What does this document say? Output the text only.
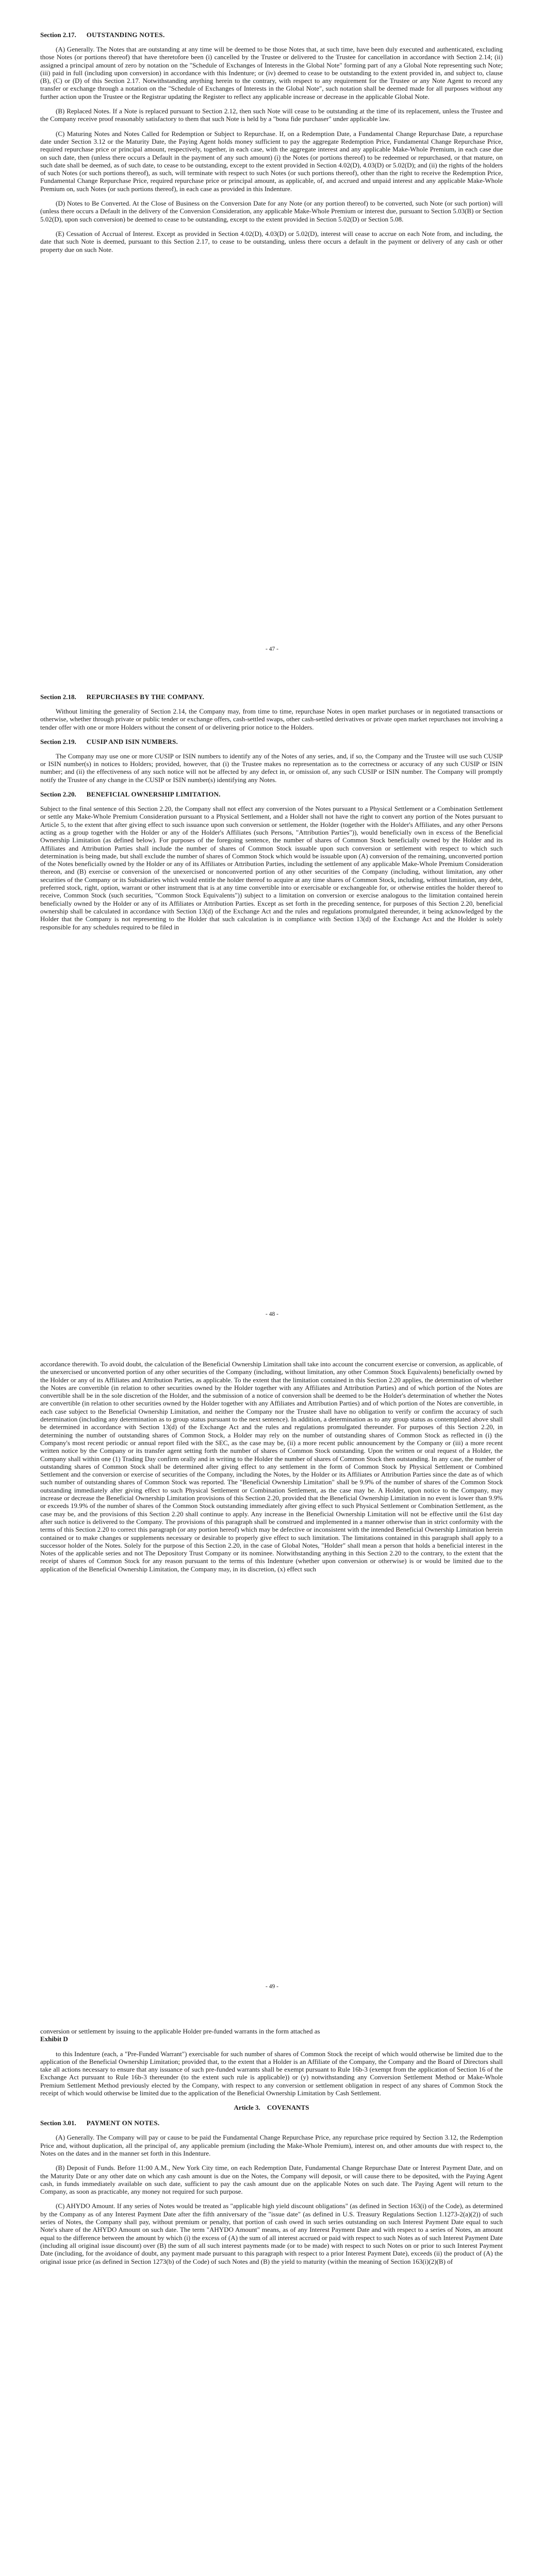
Section 2.17. OUTSTANDING NOTES.

(A) Generally. The Notes that are outstanding at any time will be deemed to be those Notes that, at such time, have been duly executed and authenticated, excluding those Notes (or portions thereof) that have theretofore been (i) cancelled by the Trustee or delivered to the Trustee for cancellation in accordance with Section 2.14; (ii) assigned a principal amount of zero by notation on the "Schedule of Exchanges of Interests in the Global Note" forming part of any a Global Note representing such Note; (iii) paid in full (including upon conversion) in accordance with this Indenture; or (iv) deemed to cease to be outstanding to the extent provided in, and subject to, clause (B), (C) or (D) of this Section 2.17. Notwithstanding anything herein to the contrary, with respect to any requirement for the Trustee or any Note Agent to record any transfer or exchange through a notation on the "Schedule of Exchanges of Interests in the Global Note", such notation shall be deemed made for all purposes without any further action upon the Trustee or the Registrar updating the Register to reflect any applicable increase or decrease in the applicable Global Note.

(B) Replaced Notes. If a Note is replaced pursuant to Section 2.12, then such Note will cease to be outstanding at the time of its replacement, unless the Trustee and the Company receive proof reasonably satisfactory to them that such Note is held by a "bona fide purchaser" under applicable law.

(C) Maturing Notes and Notes Called for Redemption or Subject to Repurchase. If, on a Redemption Date, a Fundamental Change Repurchase Date, a repurchase date under Section 3.12 or the Maturity Date, the Paying Agent holds money sufficient to pay the aggregate Redemption Price, Fundamental Change Repurchase Price, required repurchase price or principal amount, respectively, together, in each case, with the aggregate interest and any applicable Make-Whole Premium, in each case due on such date, then (unless there occurs a Default in the payment of any such amount) (i) the Notes (or portions thereof) to be redeemed or repurchased, or that mature, on such date shall be deemed, as of such date, to cease to be outstanding, except to the extent provided in Section 4.02(D), 4.03(D) or 5.02(D); and (ii) the rights of the holders of such Notes (or such portions thereof), as such, will terminate with respect to such Notes (or such portions thereof), other than the right to receive the Redemption Price, Fundamental Change Repurchase Price, required repurchase price or principal amount, as applicable, of, and accrued and unpaid interest and any applicable Make-Whole Premium on, such Notes (or such portions thereof), in each case as provided in this Indenture.

(D) Notes to Be Converted. At the Close of Business on the Conversion Date for any Note (or any portion thereof) to be converted, such Note (or such portion) will (unless there occurs a Default in the delivery of the Conversion Consideration, any applicable Make-Whole Premium or interest due, pursuant to Section 5.03(B) or Section 5.02(D), upon such conversion) be deemed to cease to be outstanding, except to the extent provided in Section 5.02(D) or Section 5.08.

(E) Cessation of Accrual of Interest. Except as provided in Section 4.02(D), 4.03(D) or 5.02(D), interest will cease to accrue on each Note from, and including, the date that such Note is deemed, pursuant to this Section 2.17, to cease to be outstanding, unless there occurs a default in the payment or delivery of any cash or other property due on such Note.

- 47 -
Section 2.18. REPURCHASES BY THE COMPANY.

Without limiting the generality of Section 2.14, the Company may, from time to time, repurchase Notes in open market purchases or in negotiated transactions or otherwise, whether through private or public tender or exchange offers, cash-settled swaps, other cash-settled derivatives or private open market repurchases not involving a tender offer with one or more Holders without the consent of or delivering prior notice to the Holders.

Section 2.19. CUSIP AND ISIN NUMBERS.

The Company may use one or more CUSIP or ISIN numbers to identify any of the Notes of any series, and, if so, the Company and the Trustee will use such CUSIP or ISIN number(s) in notices to Holders; provided, however, that (i) the Trustee makes no representation as to the correctness or accuracy of any such CUSIP or ISIN number; and (ii) the effectiveness of any such notice will not be affected by any defect in, or omission of, any such CUSIP or ISIN number. The Company will promptly notify the Trustee of any change in the CUSIP or ISIN number(s) identifying any Notes.

Section 2.20. BENEFICIAL OWNERSHIP LIMITATION.

Subject to the final sentence of this Section 2.20, the Company shall not effect any conversion of the Notes pursuant to a Physical Settlement or a Combination Settlement or settle any Make-Whole Premium Consideration pursuant to a Physical Settlement, and a Holder shall not have the right to convert any portion of the Notes pursuant to Article 5, to the extent that after giving effect to such issuance upon such conversion or settlement, the Holder (together with the Holder's Affiliates, and any other Persons acting as a group together with the Holder or any of the Holder's Affiliates (such Persons, "Attribution Parties")), would beneficially own in excess of the Beneficial Ownership Limitation (as defined below). For purposes of the foregoing sentence, the number of shares of Common Stock beneficially owned by the Holder and its Affiliates and Attribution Parties shall include the number of shares of Common Stock issuable upon such conversion or settlement with respect to which such determination is being made, but shall exclude the number of shares of Common Stock which would be issuable upon (A) conversion of the remaining, unconverted portion of the Notes beneficially owned by the Holder or any of its Affiliates or Attribution Parties, including the settlement of any applicable Make-Whole Premium Consideration thereon, and (B) exercise or conversion of the unexercised or nonconverted portion of any other securities of the Company (including, without limitation, any other securities of the Company or its Subsidiaries which would entitle the holder thereof to acquire at any time shares of Common Stock, including, without limitation, any debt, preferred stock, right, option, warrant or other instrument that is at any time convertible into or exercisable or exchangeable for, or otherwise entitles the holder thereof to receive, Common Stock (such securities, "Common Stock Equivalents")) subject to a limitation on conversion or exercise analogous to the limitation contained herein beneficially owned by the Holder or any of its Affiliates or Attribution Parties. Except as set forth in the preceding sentence, for purposes of this Section 2.20, beneficial ownership shall be calculated in accordance with Section 13(d) of the Exchange Act and the rules and regulations promulgated thereunder, it being acknowledged by the Holder that the Company is not representing to the Holder that such calculation is in compliance with Section 13(d) of the Exchange Act and the Holder is solely responsible for any schedules required to be filed in

- 48 -

accordance therewith. To avoid doubt, the calculation of the Beneficial Ownership Limitation shall take into account the concurrent exercise or conversion, as applicable, of the unexercised or unconverted portion of any other securities of the Company (including, without limitation, any other Common Stock Equivalents) beneficially owned by the Holder or any of its Affiliates and Attribution Parties, as applicable. To the extent that the limitation contained in this Section 2.20 applies, the determination of whether the Notes are convertible (in relation to other securities owned by the Holder together with any Affiliates and Attribution Parties) and of which portion of the Notes are convertible shall be in the sole discretion of the Holder, and the submission of a notice of conversion shall be deemed to be the Holder's determination of whether the Notes are convertible (in relation to other securities owned by the Holder together with any Affiliates and Attribution Parties) and of which portion of the Notes are convertible, in each case subject to the Beneficial Ownership Limitation, and neither the Company nor the Trustee shall have no obligation to verify or confirm the accuracy of such determination (including any determination as to group status pursuant to the next sentence). In addition, a determination as to any group status as contemplated above shall be determined in accordance with Section 13(d) of the Exchange Act and the rules and regulations promulgated thereunder. For purposes of this Section 2.20, in determining the number of outstanding shares of Common Stock, a Holder may rely on the number of outstanding shares of Common Stock as reflected in (i) the Company's most recent periodic or annual report filed with the SEC, as the case may be, (ii) a more recent public announcement by the Company or (iii) a more recent written notice by the Company or its transfer agent setting forth the number of shares of Common Stock outstanding. Upon the written or oral request of a Holder, the Company shall within one (1) Trading Day confirm orally and in writing to the Holder the number of shares of Common Stock then outstanding. In any case, the number of outstanding shares of Common Stock shall be determined after giving effect to any settlement in the form of Common Stock by Physical Settlement or Combined Settlement and the conversion or exercise of securities of the Company, including the Notes, by the Holder or its Affiliates or Attribution Parties since the date as of which such number of outstanding shares of Common Stock was reported. The "Beneficial Ownership Limitation" shall be 9.9% of the number of shares of the Common Stock outstanding immediately after giving effect to such Physical Settlement or Combination Settlement, as the case may be. A Holder, upon notice to the Company, may increase or decrease the Beneficial Ownership Limitation provisions of this Section 2.20, provided that the Beneficial Ownership Limitation in no event is lower than 9.9% or exceeds 19.9% of the number of shares of the Common Stock outstanding immediately after giving effect to such Physical Settlement or Combination Settlement, as the case may be, and the provisions of this Section 2.20 shall continue to apply. Any increase in the Beneficial Ownership Limitation will not be effective until the 61st day after such notice is delivered to the Company. The provisions of this paragraph shall be construed and implemented in a manner otherwise than in strict conformity with the terms of this Section 2.20 to correct this paragraph (or any portion hereof) which may be defective or inconsistent with the intended Beneficial Ownership Limitation herein contained or to make changes or supplements necessary or desirable to properly give effect to such limitation. The limitations contained in this paragraph shall apply to a successor holder of the Notes. Solely for the purpose of this Section 2.20, in the case of Global Notes, "Holder" shall mean a person that holds a beneficial interest in the Notes of the applicable series and not The Depository Trust Company or its nominee. Notwithstanding anything in this Section 2.20 to the contrary, to the extent that the receipt of shares of Common Stock for any reason pursuant to the terms of this Indenture (whether upon conversion or otherwise) is or would be limited due to the application of the Beneficial Ownership Limitation, the Company may, in its discretion, (x) effect such

- 49 -

conversion or settlement by issuing to the applicable Holder pre-funded warrants in the form attached as
Exhibit D

to this Indenture (each, a "Pre-Funded Warrant") exercisable for such number of shares of Common Stock the receipt of which would otherwise be limited due to the application of the Beneficial Ownership Limitation; provided that, to the extent that a Holder is an Affiliate of the Company, the Company and the Board of Directors shall take all actions necessary to ensure that any issuance of such pre-funded warrants shall be exempt pursuant to Rule 16b-3 (exempt from the application of Section 16 of the Exchange Act pursuant to Rule 16b-3 thereunder (to the extent such rule is applicable)) or (y) notwithstanding any Conversion Settlement Method or Make-Whole Premium Settlement Method previously elected by the Company, with respect to any conversion or settlement obligation in respect of any shares of Common Stock the receipt of which would otherwise be limited due to the application of the Beneficial Ownership Limitation by Cash Settlement.

Article 3. COVENANTS
Section 3.01. PAYMENT ON NOTES.

(A) Generally. The Company will pay or cause to be paid the Fundamental Change Repurchase Price, any repurchase price required by Section 3.12, the Redemption Price and, without duplication, all the principal of, any applicable premium (including the Make-Whole Premium), interest on, and other amounts due with respect to, the Notes on the dates and in the manner set forth in this Indenture.

(B) Deposit of Funds. Before 11:00 A.M., New York City time, on each Redemption Date, Fundamental Change Repurchase Date or Interest Payment Date, and on the Maturity Date or any other date on which any cash amount is due on the Notes, the Company will deposit, or will cause there to be deposited, with the Paying Agent cash, in funds immediately available on such date, sufficient to pay the cash amount due on the applicable Notes on such date. The Paying Agent will return to the Company, as soon as practicable, any money not required for such purpose.

(C) AHYDO Amount. If any series of Notes would be treated as "applicable high yield discount obligations" (as defined in Section 163(i) of the Code), as determined by the Company as of any Interest Payment Date after the fifth anniversary of the "issue date" (as defined in U.S. Treasury Regulations Section 1.1273-2(a)(2)) of such series of Notes, the Company shall pay, without premium or penalty, that portion of cash owed in such series outstanding on such Interest Payment Date equal to such Note's share of the AHYDO Amount on such date. The term "AHYDO Amount" means, as of any Interest Payment Date and with respect to a series of Notes, an amount equal to the difference between the amount by which (i) the excess of (A) the sum of all interest accrued or paid with respect to such Notes as of such Interest Payment Date (including all original issue discount) over (B) the sum of all such interest payments made (or to be made) with respect to such Notes on or prior to such Interest Payment Date (including, for the avoidance of doubt, any payment made pursuant to this paragraph with respect to a prior Interest Payment Date), exceeds (ii) the product of (A) the original issue price (as defined in Section 1273(b) of the Code) of such Notes and (B) the yield to maturity (within the meaning of Section 163(i)(2)(B) of
